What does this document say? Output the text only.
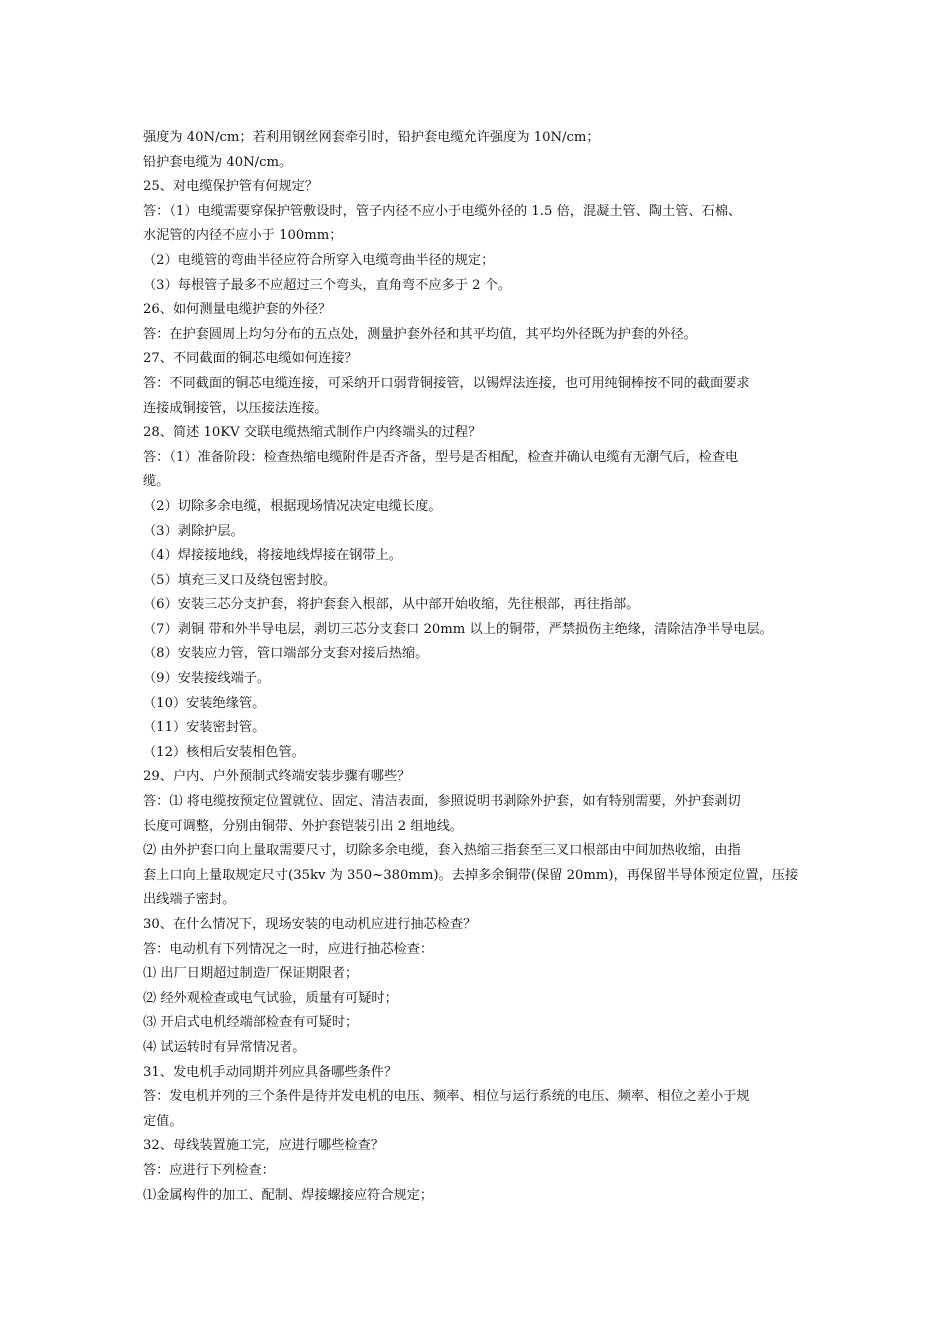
强度为 40N/cm；若利用钢丝网套牵引时，铅护套电缆允许强度为 10N/cm；
铅护套电缆为 40N/cm。
25、对电缆保护管有何规定？
答：（1）电缆需要穿保护管敷设时，管子内径不应小于电缆外径的 1.5 倍，混凝土管、陶土管、石棉、
水泥管的内径不应小于 100mm；
（2）电缆管的弯曲半径应符合所穿入电缆弯曲半径的规定；
（3）每根管子最多不应超过三个弯头，直角弯不应多于 2 个。
26、如何测量电缆护套的外径？
答：在护套圆周上均匀分布的五点处，测量护套外径和其平均值，其平均外径既为护套的外径。
27、不同截面的铜芯电缆如何连接？
答：不同截面的铜芯电缆连接，可采纳开口弱背铜接管，以锡焊法连接，也可用纯铜棒按不同的截面要求
连接成铜接管，以压接法连接。
28、简述 10KV 交联电缆热缩式制作户内终端头的过程？
答：（1）准备阶段：检查热缩电缆附件是否齐备，型号是否相配，检查并确认电缆有无潮气后，检查电
缆。
（2）切除多余电缆，根据现场情况决定电缆长度。
（3）剥除护层。
（4）焊接接地线，将接地线焊接在钢带上。
（5）填充三叉口及绕包密封胶。
（6）安装三芯分支护套，将护套套入根部，从中部开始收缩，先往根部，再往指部。
（7）剥铜 带和外半导电层，剥切三芯分支套口 20mm 以上的铜带，严禁损伤主绝缘，清除洁净半导电层。
（8）安装应力管，管口端部分支套对接后热缩。
（9）安装接线端子。
（10）安装绝缘管。
（11）安装密封管。
（12）核相后安装相色管。
29、户内、户外预制式终端安装步骤有哪些？
答：⑴ 将电缆按预定位置就位、固定、清洁表面，参照说明书剥除外护套，如有特别需要，外护套剥切
长度可调整，分别由铜带、外护套铠装引出 2 组地线。
⑵ 由外护套口向上量取需要尺寸，切除多余电缆，套入热缩三指套至三叉口根部由中间加热收缩，由指
套上口向上量取规定尺寸(35kv 为 350~380mm)。去掉多余铜带(保留 20mm)，再保留半导体预定位置，压接
出线端子密封。
30、在什么情况下，现场安装的电动机应进行抽芯检查？
答：电动机有下列情况之一时，应进行抽芯检查：
⑴ 出厂日期超过制造厂保证期限者；
⑵ 经外观检查或电气试验，质量有可疑时；
⑶ 开启式电机经端部检查有可疑时；
⑷ 试运转时有异常情况者。
31、发电机手动同期并列应具备哪些条件？
答：发电机并列的三个条件是待并发电机的电压、频率、相位与运行系统的电压、频率、相位之差小于规
定值。
32、母线装置施工完，应进行哪些检查？
答：应进行下列检查：
⑴金属构件的加工、配制、焊接螺接应符合规定；
